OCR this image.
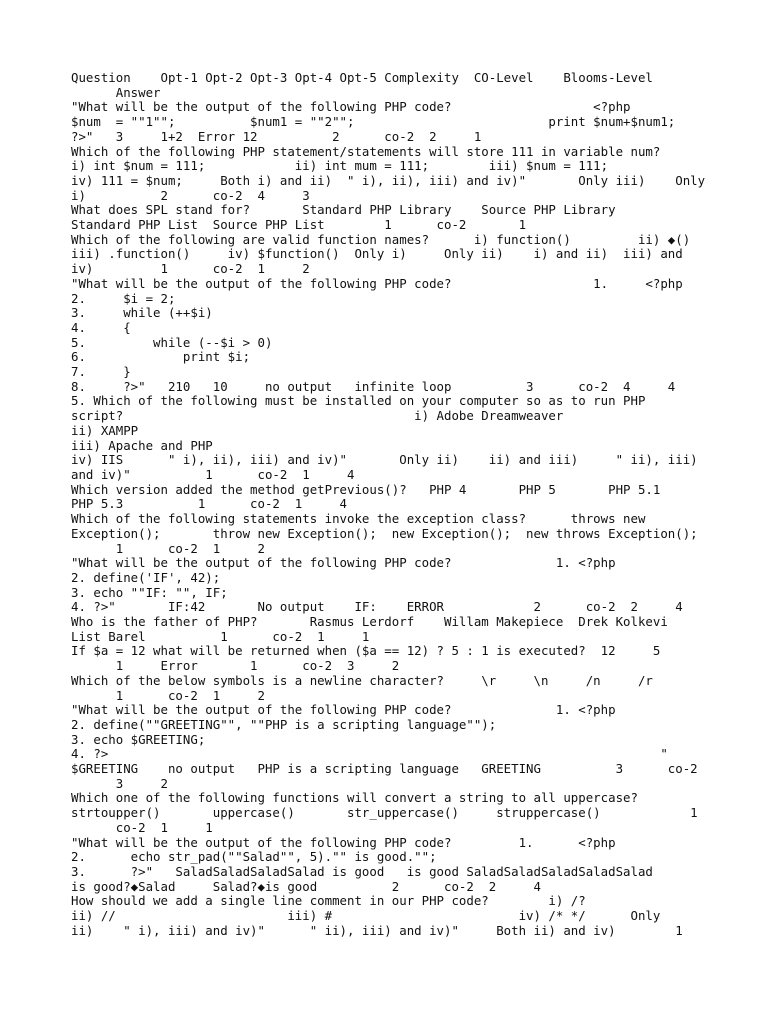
Question    Opt-1 Opt-2 Opt-3 Opt-4 Opt-5 Complexity  CO-Level    Blooms-Level
Answer
"What will be the output of the following PHP code?                   <?php
$num  = ""1"";          $num1 = ""2"";                          print $num+$num1;
?>"   3     1+2  Error 12          2      co-2  2     1
Which of the following PHP statement/statements will store 111 in variable num?
i) int $num = 111;            ii) int mum = 111;        iii) $num = 111;
iv) 111 = $num;     Both i) and ii)  " i), ii), iii) and iv)"       Only iii)    Only
i)          2      co-2  4     3
What does SPL stand for?       Standard PHP Library    Source PHP Library
Standard PHP List  Source PHP List        1      co-2       1
Which of the following are valid function names?      i) function()         ii) ◆()
iii) .function()     iv) $function()  Only i)     Only ii)    i) and ii)  iii) and
iv)         1      co-2  1     2
"What will be the output of the following PHP code?                   1.     <?php
2.     $i = 2;
3.     while (++$i)
4.     {
5.         while (--$i > 0)
6.             print $i;
7.     }
8.     ?>"   210   10     no output   infinite loop          3      co-2  4     4
5. Which of the following must be installed on your computer so as to run PHP
script?                                       i) Adobe Dreamweaver
ii) XAMPP
iii) Apache and PHP
iv) IIS      " i), ii), iii) and iv)"       Only ii)    ii) and iii)     " ii), iii)
and iv)"          1      co-2  1     4
Which version added the method getPrevious()?   PHP 4       PHP 5       PHP 5.1
PHP 5.3          1      co-2  1     4
Which of the following statements invoke the exception class?      throws new
Exception();       throw new Exception();  new Exception();  new throws Exception();
1      co-2  1     2
"What will be the output of the following PHP code?              1. <?php
2. define('IF', 42);
3. echo ""IF: "", IF;
4. ?>"       IF:42       No output    IF:    ERROR            2      co-2  2     4
Who is the father of PHP?       Rasmus Lerdorf    Willam Makepiece  Drek Kolkevi
List Barel          1      co-2  1     1
If $a = 12 what will be returned when ($a == 12) ? 5 : 1 is executed?  12     5
1     Error       1      co-2  3     2
Which of the below symbols is a newline character?     \r     \n     /n     /r
1      co-2  1     2
"What will be the output of the following PHP code?              1. <?php
2. define(""GREETING"", ""PHP is a scripting language"");
3. echo $GREETING;
4. ?>                                                                          "
$GREETING    no output   PHP is a scripting language   GREETING          3      co-2
3     2
Which one of the following functions will convert a string to all uppercase?
strtoupper()       uppercase()       str_uppercase()     struppercase()            1
co-2  1     1
"What will be the output of the following PHP code?         1.      <?php
2.      echo str_pad(""Salad"", 5)."" is good."";
3.      ?>"   SaladSaladSaladSalad is good   is good SaladSaladSaladSaladSalad
is good?◆Salad     Salad?◆is good          2      co-2  2     4
How should we add a single line comment in our PHP code?        i) /?
ii) //                       iii) #                         iv) /* */      Only
ii)    " i), iii) and iv)"      " ii), iii) and iv)"     Both ii) and iv)        1
